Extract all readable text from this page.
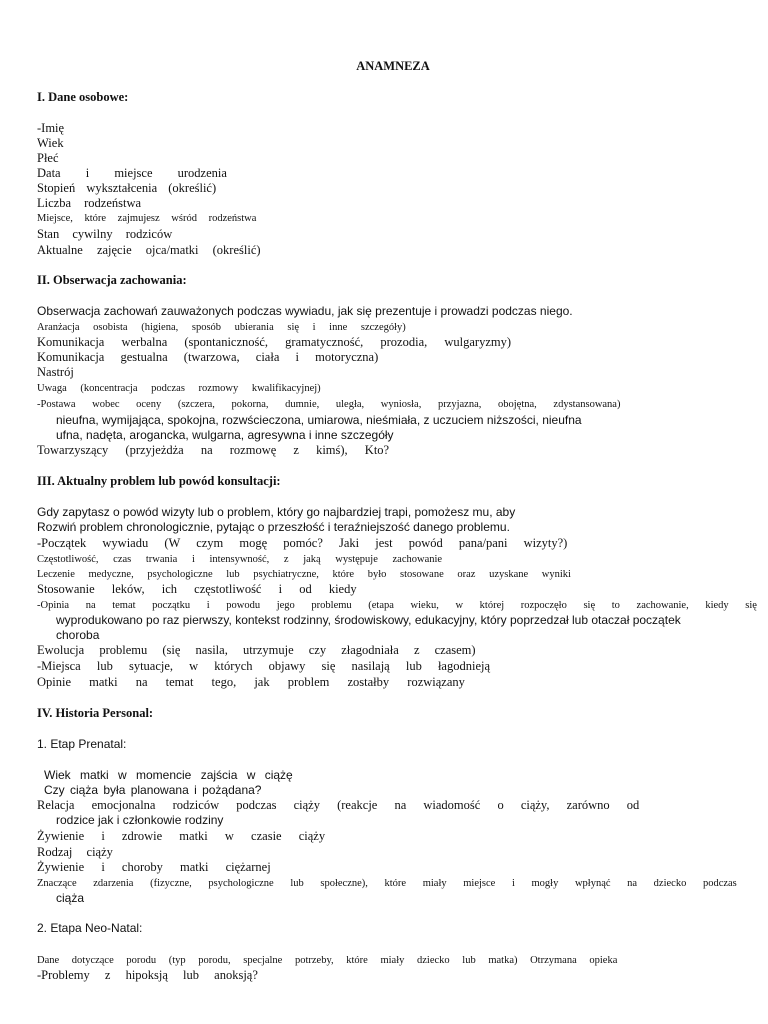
ANAMNEZA
I. Dane osobowe:
-Imię
Wiek
Płeć
Data i miejsce urodzenia
Stopień wykształcenia (określić)
Liczba rodzeństwa
Miejsce, które zajmujesz wśród rodzeństwa
Stan cywilny rodziców
Aktualne zajęcie ojca/matki (określić)
II. Obserwacja zachowania:
Obserwacja zachowań zauważonych podczas wywiadu, jak się prezentuje i prowadzi podczas niego.
Aranżacja osobista (higiena, sposób ubierania się i inne szczegóły)
Komunikacja werbalna (spontaniczność, gramatyczność, prozodia, wulgaryzmy)
Komunikacja gestualna (twarzowa, ciała i motoryczna)
Nastrój
Uwaga (koncentracja podczas rozmowy kwalifikacyjnej)
-Postawa wobec oceny (szczera, pokorna, dumnie, uległa, wyniosła, przyjazna, obojętna, zdystansowana)
nieufna, wymijająca, spokojna, rozwścieczona, umiarowa, nieśmiała, z uczuciem niższości, nieufna
ufna, nadęta, arogancka, wulgarna, agresywna i inne szczegóły
Towarzyszący (przyjeżdża na rozmowę z kimś), Kto?
III. Aktualny problem lub powód konsultacji:
Gdy zapytasz o powód wizyty lub o problem, który go najbardziej trapi, pomożesz mu, aby
Rozwiń problem chronologicznie, pytając o przeszłość i teraźniejszość danego problemu.
-Początek wywiadu (W czym mogę pomóc? Jaki jest powód pana/pani wizyty?)
Częstotliwość, czas trwania i intensywność, z jaką występuje zachowanie
Leczenie medyczne, psychologiczne lub psychiatryczne, które było stosowane oraz uzyskane wyniki
Stosowanie leków, ich częstotliwość i od kiedy
-Opinia na temat początku i powodu jego problemu (etapa wieku, w której rozpoczęło się to zachowanie, kiedy się
wyprodukowano po raz pierwszy, kontekst rodzinny, środowiskowy, edukacyjny, który poprzedzał lub otaczał początek
choroba
Ewolucja problemu (się nasila, utrzymuje czy złagodniała z czasem)
-Miejsca lub sytuacje, w których objawy się nasilają lub łagodnieją
Opinie matki na temat tego, jak problem zostałby rozwiązany
IV. Historia Personal:
1. Etap Prenatal:
Wiek matki w momencie zajścia w ciążę
Czy ciąża była planowana i pożądana?
Relacja emocjonalna rodziców podczas ciąży (reakcje na wiadomość o ciąży, zarówno od
rodzice jak i członkowie rodziny
Żywienie i zdrowie matki w czasie ciąży
Rodzaj ciąży
Żywienie i choroby matki ciężarnej
Znaczące zdarzenia (fizyczne, psychologiczne lub społeczne), które miały miejsce i mogły wpłynąć na dziecko podczas
ciąża
2. Etapa Neo-Natal:
Dane dotyczące porodu (typ porodu, specjalne potrzeby, które miały dziecko lub matka) Otrzymana opieka
-Problemy z hipoksją lub anoksją?
